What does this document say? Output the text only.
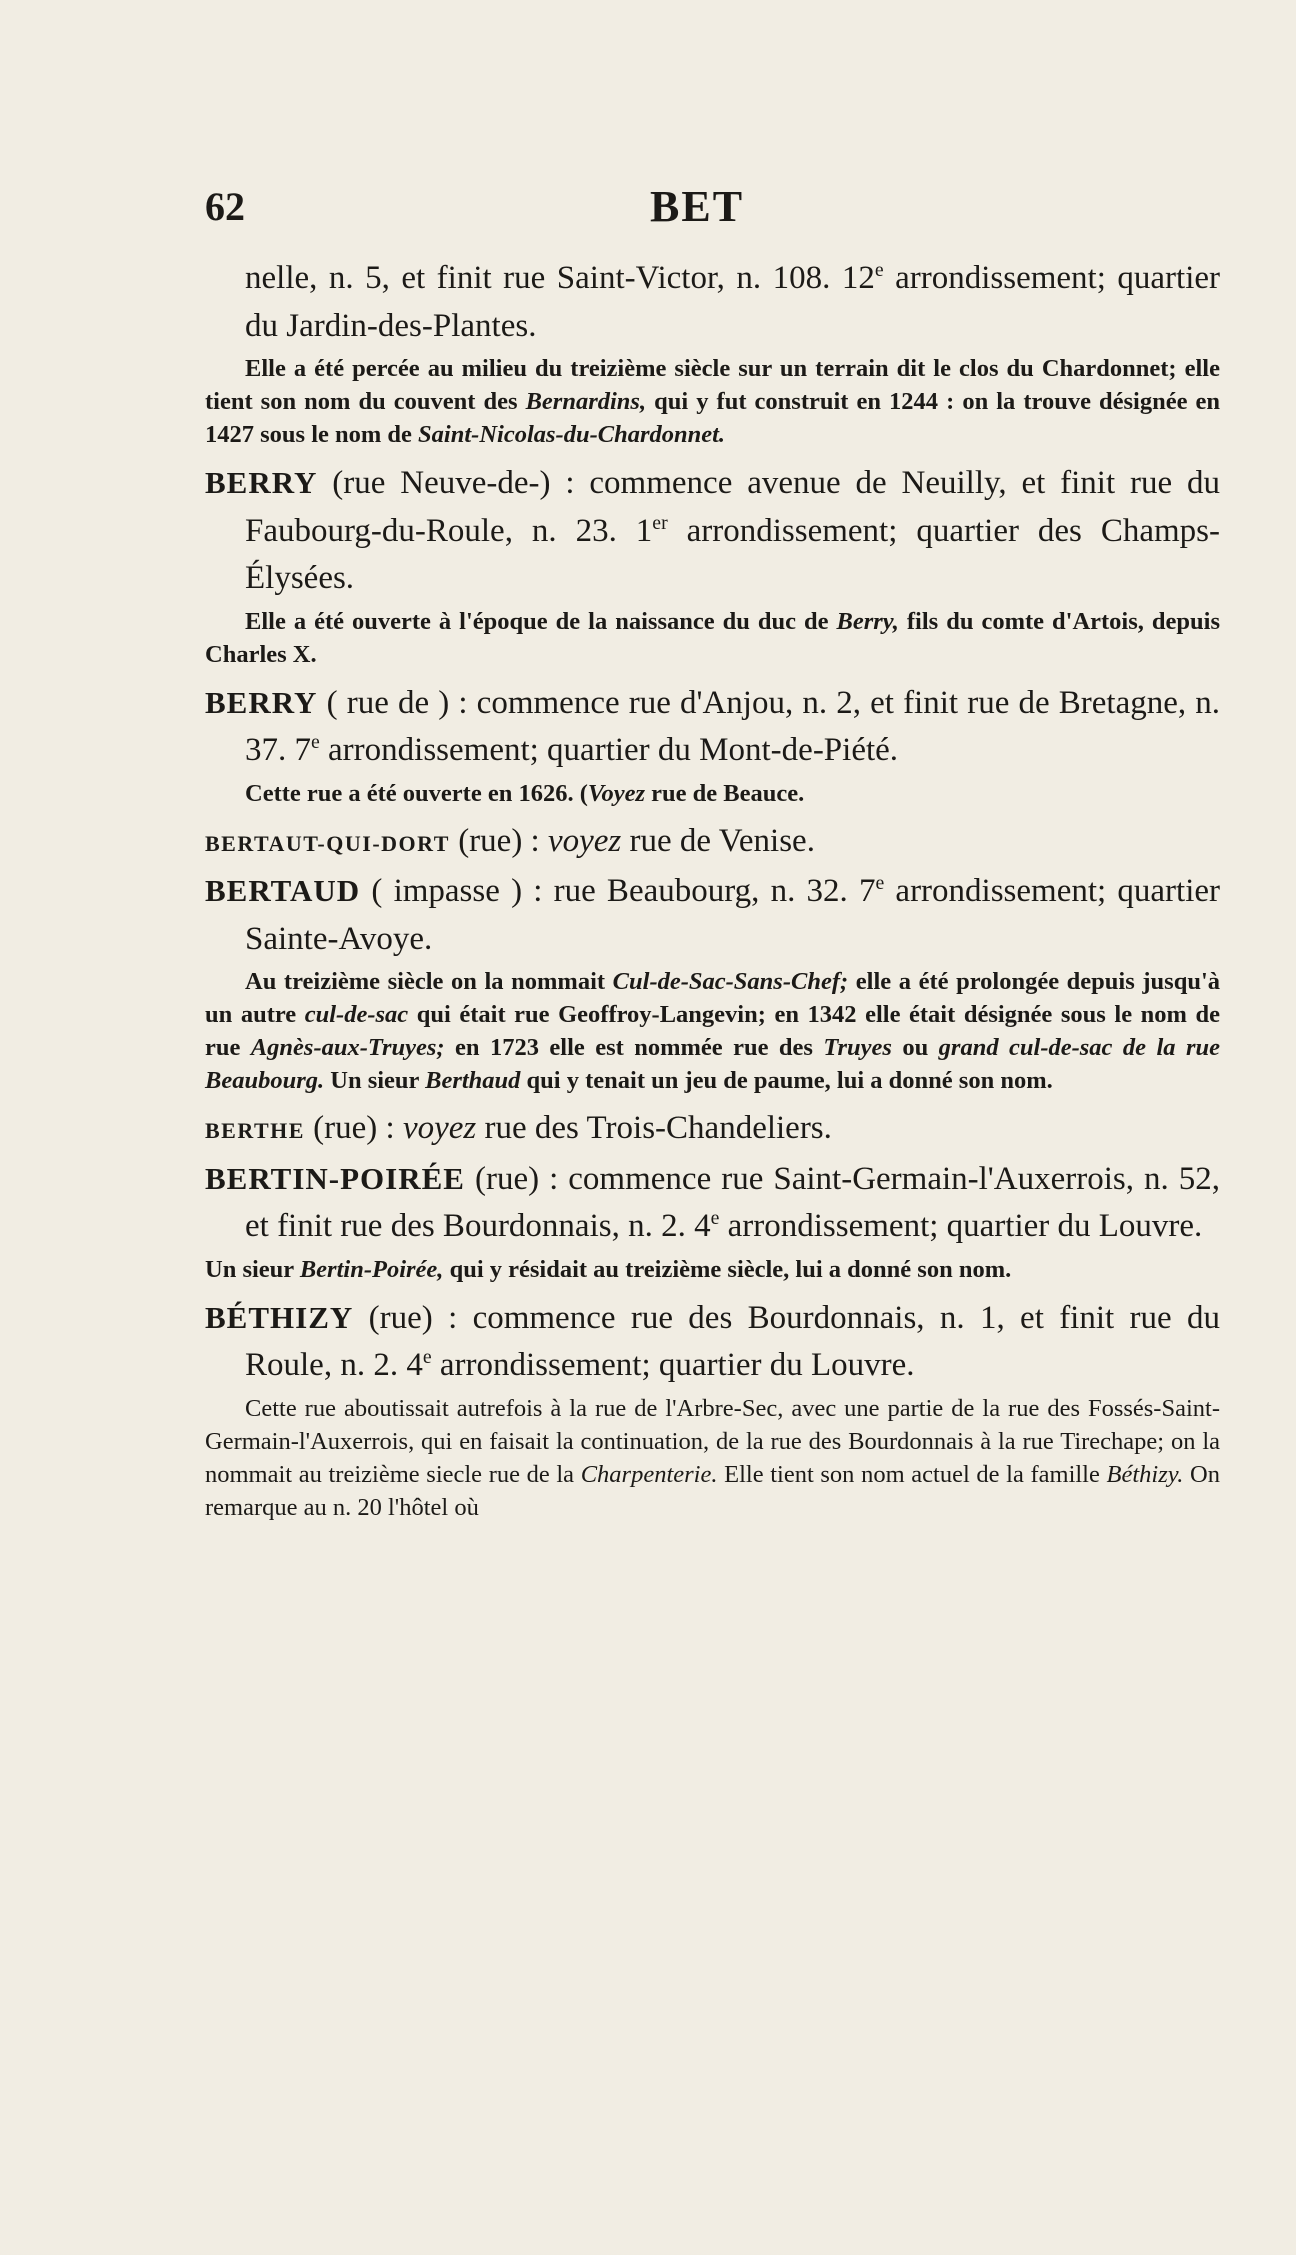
62	BET

nelle, n. 5, et finit rue Saint-Victor, n. 108. 12e arrondissement; quartier du Jardin-des-Plantes.

Elle a été percée au milieu du treizième siècle sur un terrain dit le clos du Chardonnet; elle tient son nom du couvent des Bernardins, qui y fut construit en 1244 : on la trouve désignée en 1427 sous le nom de Saint-Nicolas-du-Chardonnet.

BERRY (rue Neuve-de-) : commence avenue de Neuilly, et finit rue du Faubourg-du-Roule, n. 23. 1er arrondissement; quartier des Champs-Élysées.

Elle a été ouverte à l'époque de la naissance du duc de Berry, fils du comte d'Artois, depuis Charles X.

BERRY ( rue de ) : commence rue d'Anjou, n. 2, et finit rue de Bretagne, n. 37. 7e arrondissement; quartier du Mont-de-Piété.

Cette rue a été ouverte en 1626. (Voyez rue de Beauce.

BERTAUT-QUI-DORT (rue) : voyez rue de Venise.

BERTAUD ( impasse ) : rue Beaubourg, n. 32. 7e arrondissement; quartier Sainte-Avoye.

Au treizième siècle on la nommait Cul-de-Sac-Sans-Chef; elle a été prolongée depuis jusqu'à un autre cul-de-sac qui était rue Geoffroy-Langevin; en 1342 elle était désignée sous le nom de rue Agnès-aux-Truyes; en 1723 elle est nommée rue des Truyes ou grand cul-de-sac de la rue Beaubourg. Un sieur Berthaud qui y tenait un jeu de paume, lui a donné son nom.

BERTHE (rue) : voyez rue des Trois-Chandeliers.

BERTIN-POIRÉE (rue) : commence rue Saint-Germain-l'Auxerrois, n. 52, et finit rue des Bourdonnais, n. 2. 4e arrondissement; quartier du Louvre.

Un sieur Bertin-Poirée, qui y résidait au treizième siècle, lui a donné son nom.

BÉTHIZY (rue) : commence rue des Bourdonnais, n. 1, et finit rue du Roule, n. 2. 4e arrondissement; quartier du Louvre.

Cette rue aboutissait autrefois à la rue de l'Arbre-Sec, avec une partie de la rue des Fossés-Saint-Germain-l'Auxerrois, qui en faisait la continuation, de la rue des Bourdonnais à la rue Tirechape; on la nommait au treizième siecle rue de la Charpenterie. Elle tient son nom actuel de la famille Béthizy. On remarque au n. 20 l'hôtel où
